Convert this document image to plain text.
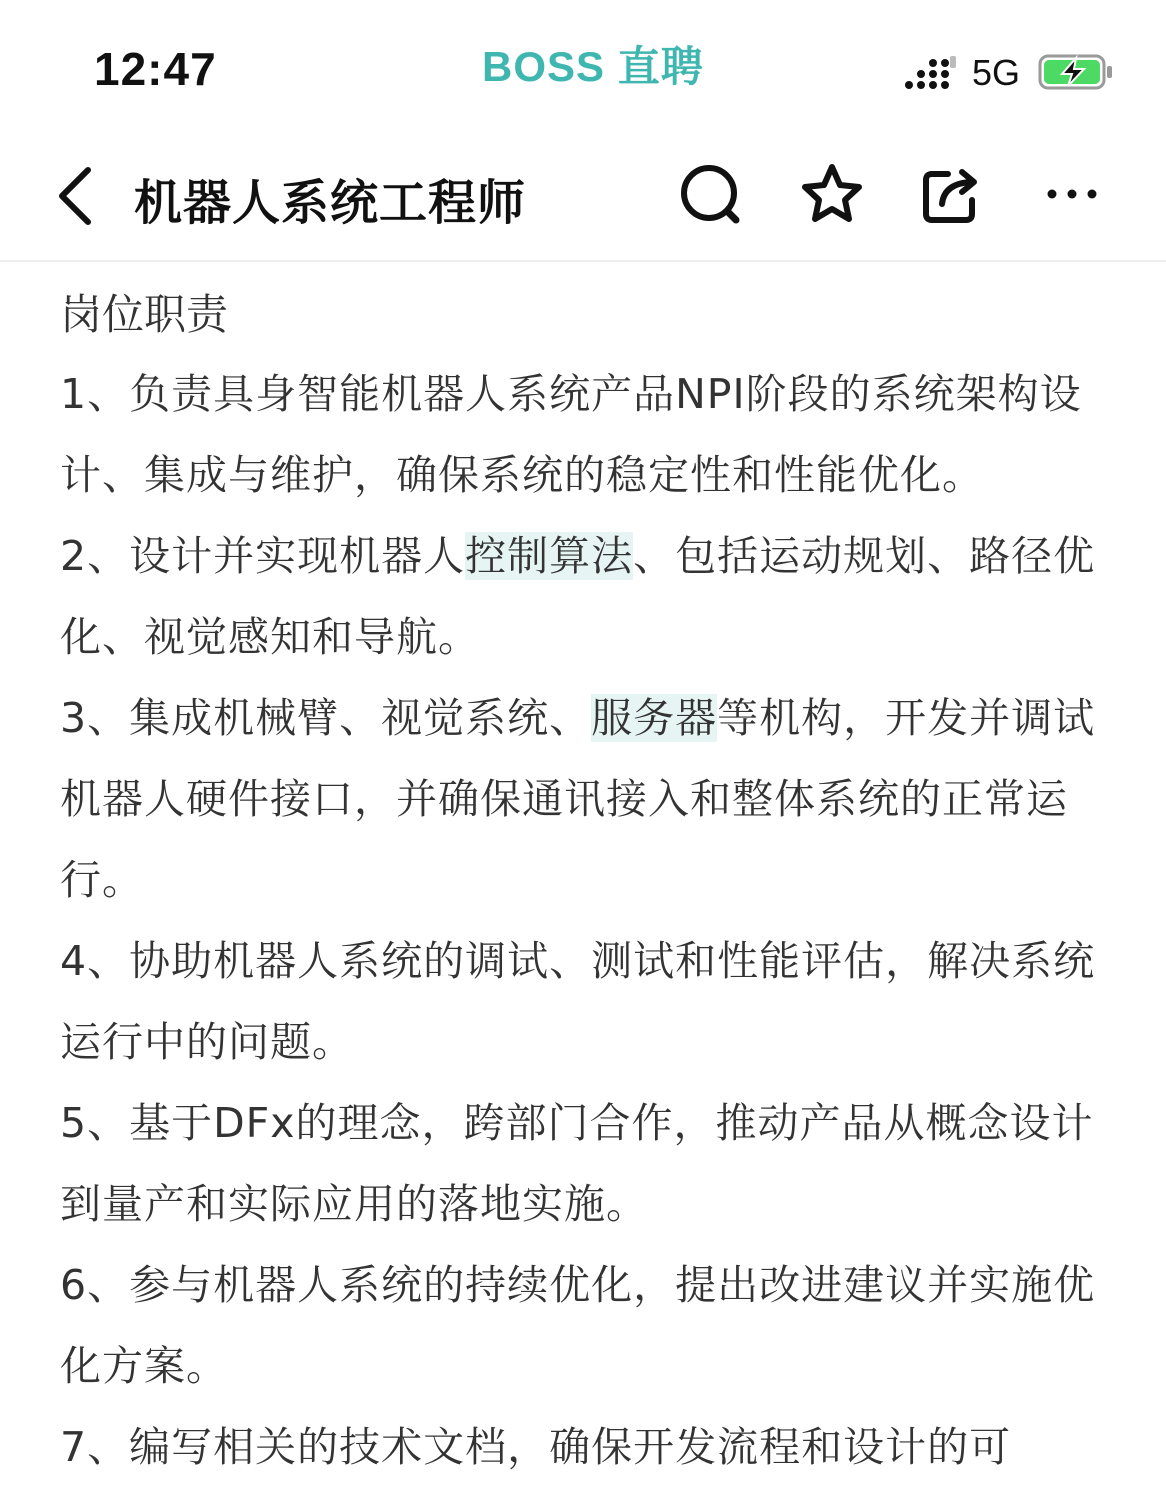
12:47	BOSS 直聘	5G
机器人系统工程师
岗位职责

1、负责具身智能机器人系统产品NPI阶段的系统架构设计、集成与维护，确保系统的稳定性和性能优化。

2、设计并实现机器人控制算法、包括运动规划、路径优化、视觉感知和导航。

3、集成机械臂、视觉系统、服务器等机构，开发并调试机器人硬件接口，并确保通讯接入和整体系统的正常运行。

4、协助机器人系统的调试、测试和性能评估，解决系统运行中的问题。

5、基于DFx的理念，跨部门合作，推动产品从概念设计到量产和实际应用的落地实施。

6、参与机器人系统的持续优化，提出改进建议并实施优化方案。

7、编写相关的技术文档，确保开发流程和设计的可
